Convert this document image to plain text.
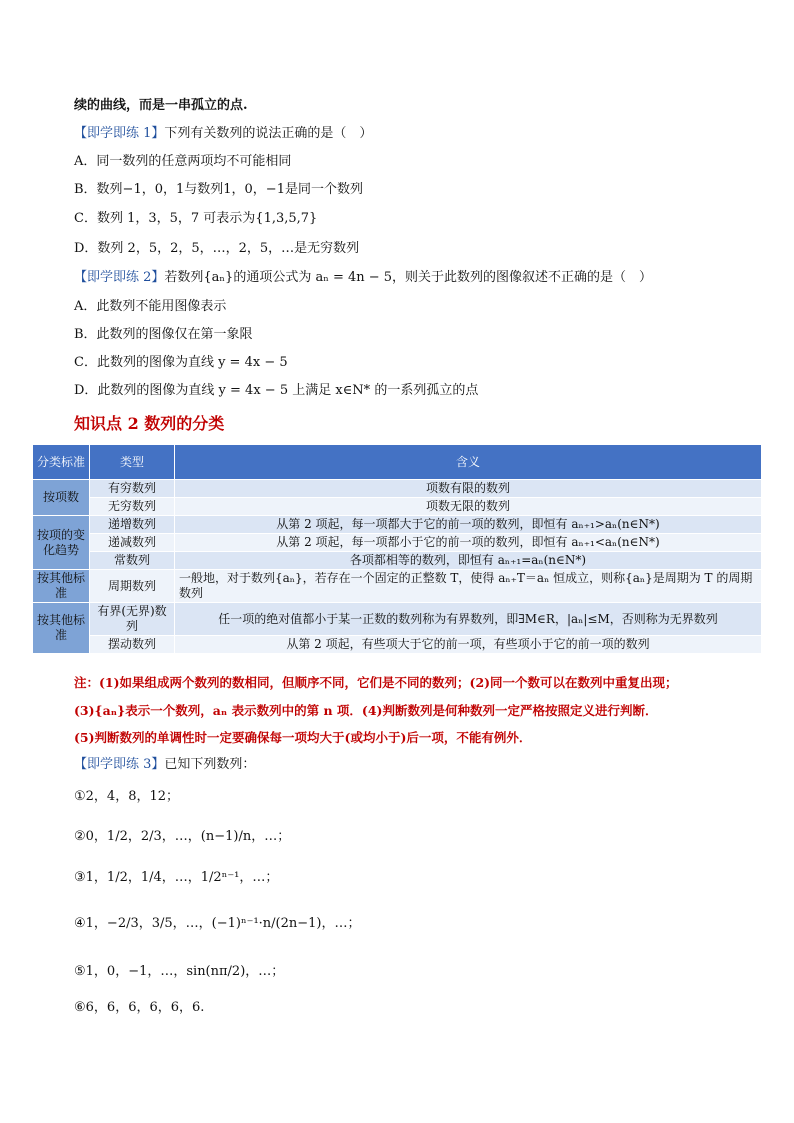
续的曲线，而是一串孤立的点.
【即学即练 1】下列有关数列的说法正确的是（　）
A．同一数列的任意两项均不可能相同
B．数列−1，0，1与数列1，0，−1是同一个数列
C．数列 1，3，5，7 可表示为{1,3,5,7}
D．数列 2，5，2，5，…，2，5，…是无穷数列
【即学即练 2】若数列{aₙ}的通项公式为 aₙ = 4n − 5，则关于此数列的图像叙述不正确的是（　）
A．此数列不能用图像表示
B．此数列的图像仅在第一象限
C．此数列的图像为直线 y = 4x − 5
D．此数列的图像为直线 y = 4x − 5 上满足 x∈N* 的一系列孤立的点
知识点 2 数列的分类
分类标准	类型	含义
按项数	有穷数列	项数有限的数列
	无穷数列	项数无限的数列
按项的变化趋势	递增数列	从第 2 项起，每一项都大于它的前一项的数列，即恒有 aₙ₊₁>aₙ(n∈N*)
	递减数列	从第 2 项起，每一项都小于它的前一项的数列，即恒有 aₙ₊₁<aₙ(n∈N*)
	常数列	各项都相等的数列，即恒有 aₙ₊₁=aₙ(n∈N*)
按其他标准	周期数列	一般地，对于数列{aₙ}，若存在一个固定的正整数 T，使得 aₙ₊T＝aₙ 恒成立，则称{aₙ}是周期为 T 的周期数列
按其他标准	有界(无界)数列	任一项的绝对值都小于某一正数的数列称为有界数列，即∃M∈R，|aₙ|≤M，否则称为无界数列
	摆动数列	从第 2 项起，有些项大于它的前一项，有些项小于它的前一项的数列
注：(1)如果组成两个数列的数相同，但顺序不同，它们是不同的数列；(2)同一个数可以在数列中重复出现；
(3){aₙ}表示一个数列，aₙ 表示数列中的第 n 项．(4)判断数列是何种数列一定严格按照定义进行判断．
(5)判断数列的单调性时一定要确保每一项均大于(或均小于)后一项，不能有例外．
【即学即练 3】已知下列数列：
①2，4，8，12；
②0，1/2，2/3，…，(n−1)/n，…；
③1，1/2，1/4，…，1/2ⁿ⁻¹，…；
④1，−2/3，3/5，…，(−1)ⁿ⁻¹·n/(2n−1)，…；
⑤1，0，−1，…，sin(nπ/2)，…；
⑥6，6，6，6，6，6.
